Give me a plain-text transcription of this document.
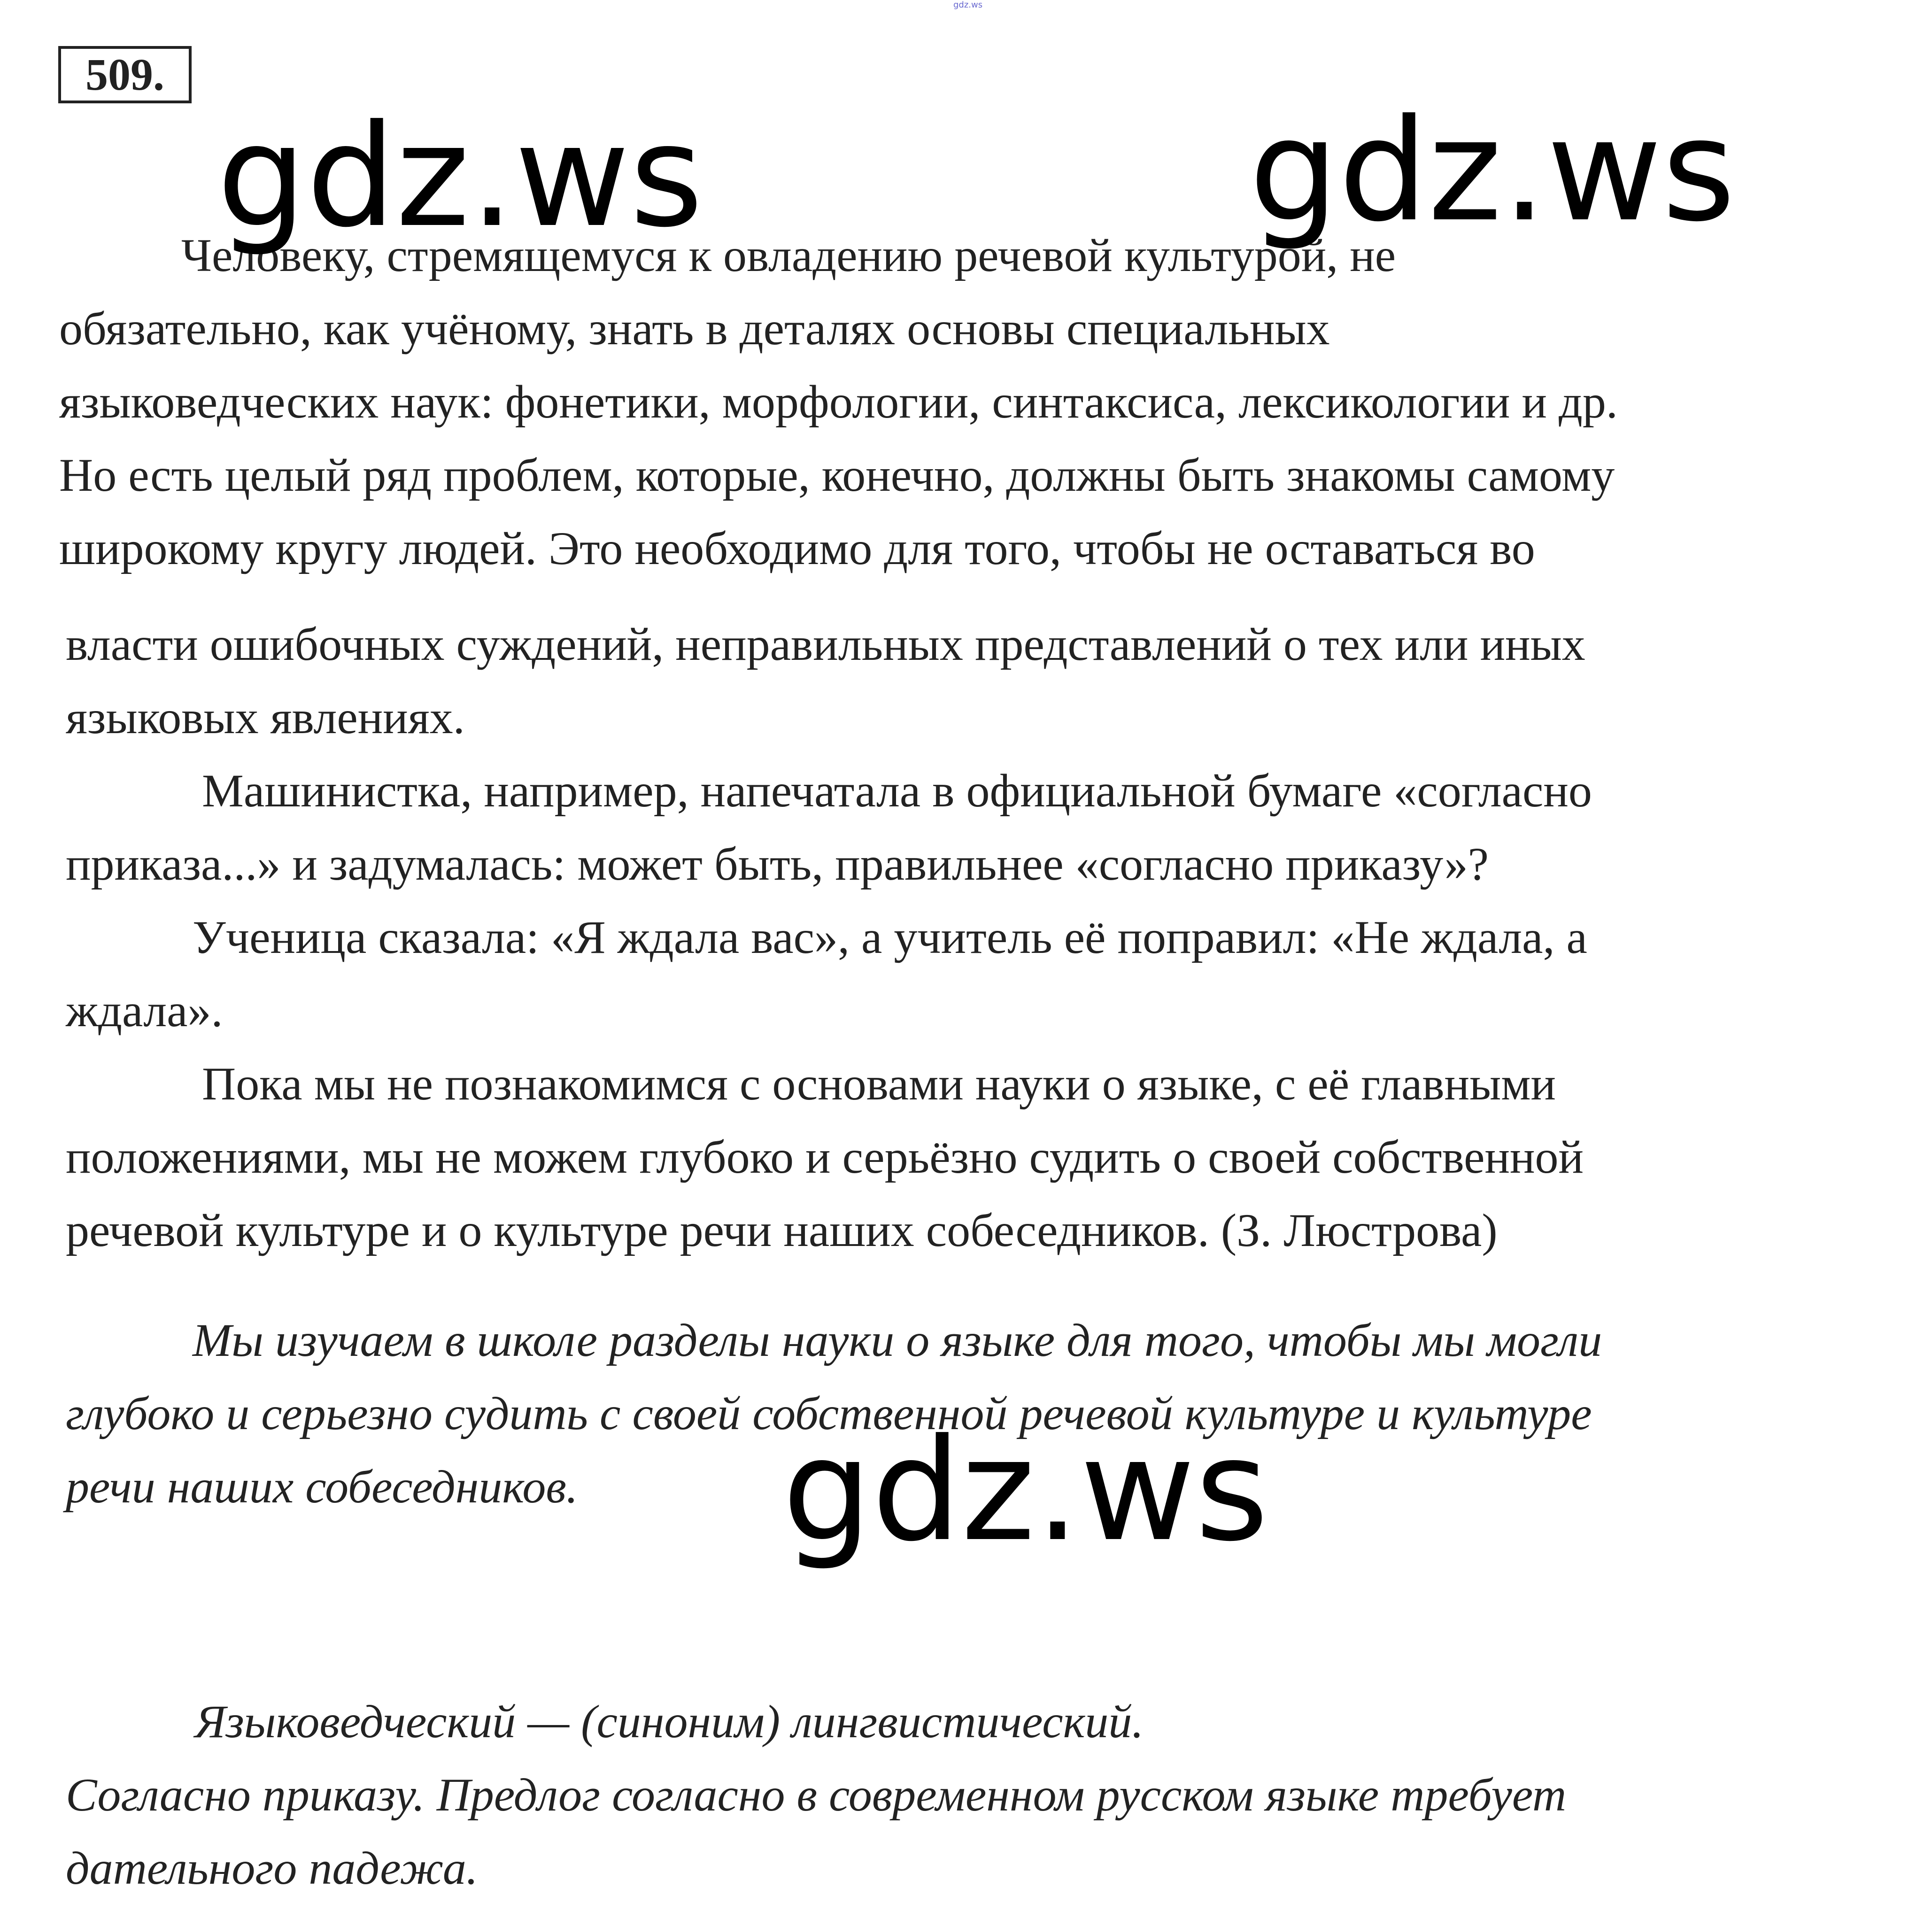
gdz.ws
509.
Человеку, стремящемуся к овладению речевой культурой, не
обязательно, как учёному, знать в деталях основы специальных
языковедческих наук: фонетики, морфологии, синтаксиса, лексикологии и др.
Но есть целый ряд проблем, которые, конечно, должны быть знакомы самому
широкому кругу людей. Это необходимо для того, чтобы не оставаться во
власти ошибочных суждений, неправильных представлений о тех или иных
языковых явлениях.
Машинистка, например, напечатала в официальной бумаге «согласно
приказа...» и задумалась: может быть, правильнее «согласно приказу»?
Ученица сказала: «Я ждала вас», а учитель её поправил: «Не ждала, а
ждала».
Пока мы не познакомимся с основами науки о языке, с её главными
положениями, мы не можем глубоко и серьёзно судить о своей собственной
речевой культуре и о культуре речи наших собеседников. (З. Люстрова)
Мы изучаем в школе разделы науки о языке для того, чтобы мы могли
глубоко и серьезно судить с своей собственной речевой культуре и культуре
речи наших собеседников.
Языковедческий — (синоним) лингвистический.
Согласно приказу. Предлог согласно в современном русском языке требует
дательного падежа.
gdz.ws	gdz.ws
gdz.ws
